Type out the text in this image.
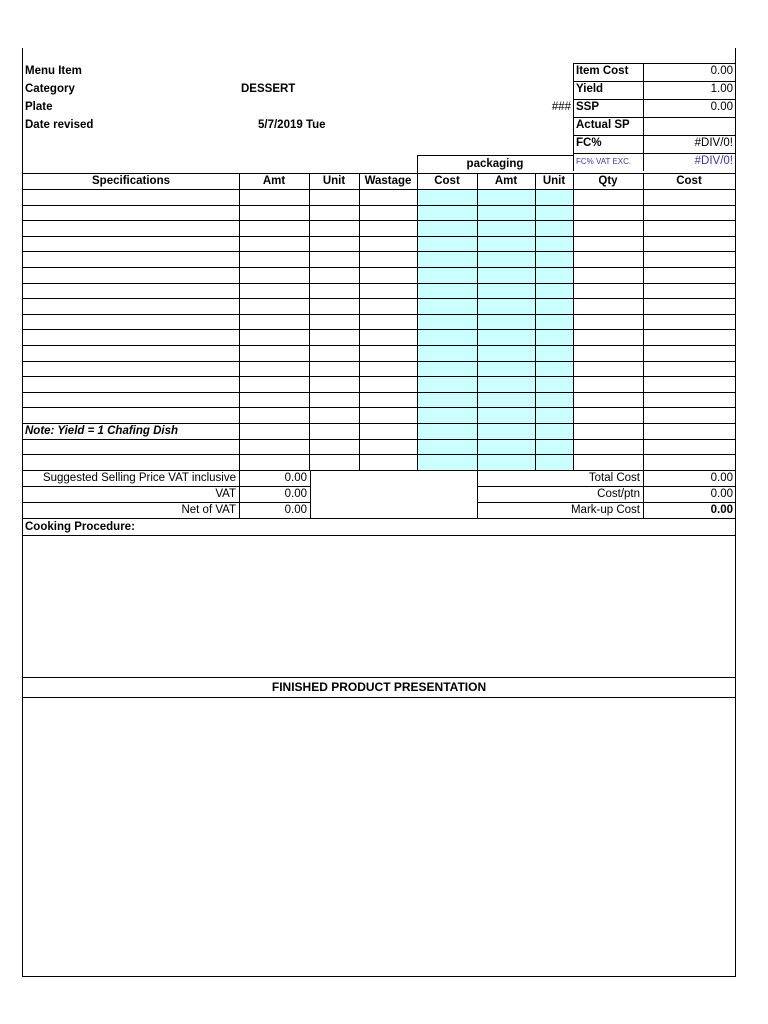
Menu Item
Category	DESSERT
Plate
Date revised	5/7/2019 Tue
###
Item Cost	0.00
Yield	1.00
SSP	0.00
Actual SP
FC%	#DIV/0!
FC% VAT EXC.	#DIV/0!
packaging
Specifications	Amt	Unit	Wastage	Cost	Amt	Unit	Qty	Cost
Note: Yield = 1 Chafing Dish
Suggested Selling Price VAT inclusive	0.00
VAT	0.00
Net of VAT	0.00
Total Cost	0.00
Cost/ptn	0.00
Mark-up Cost	0.00
Cooking Procedure:
FINISHED PRODUCT PRESENTATION
